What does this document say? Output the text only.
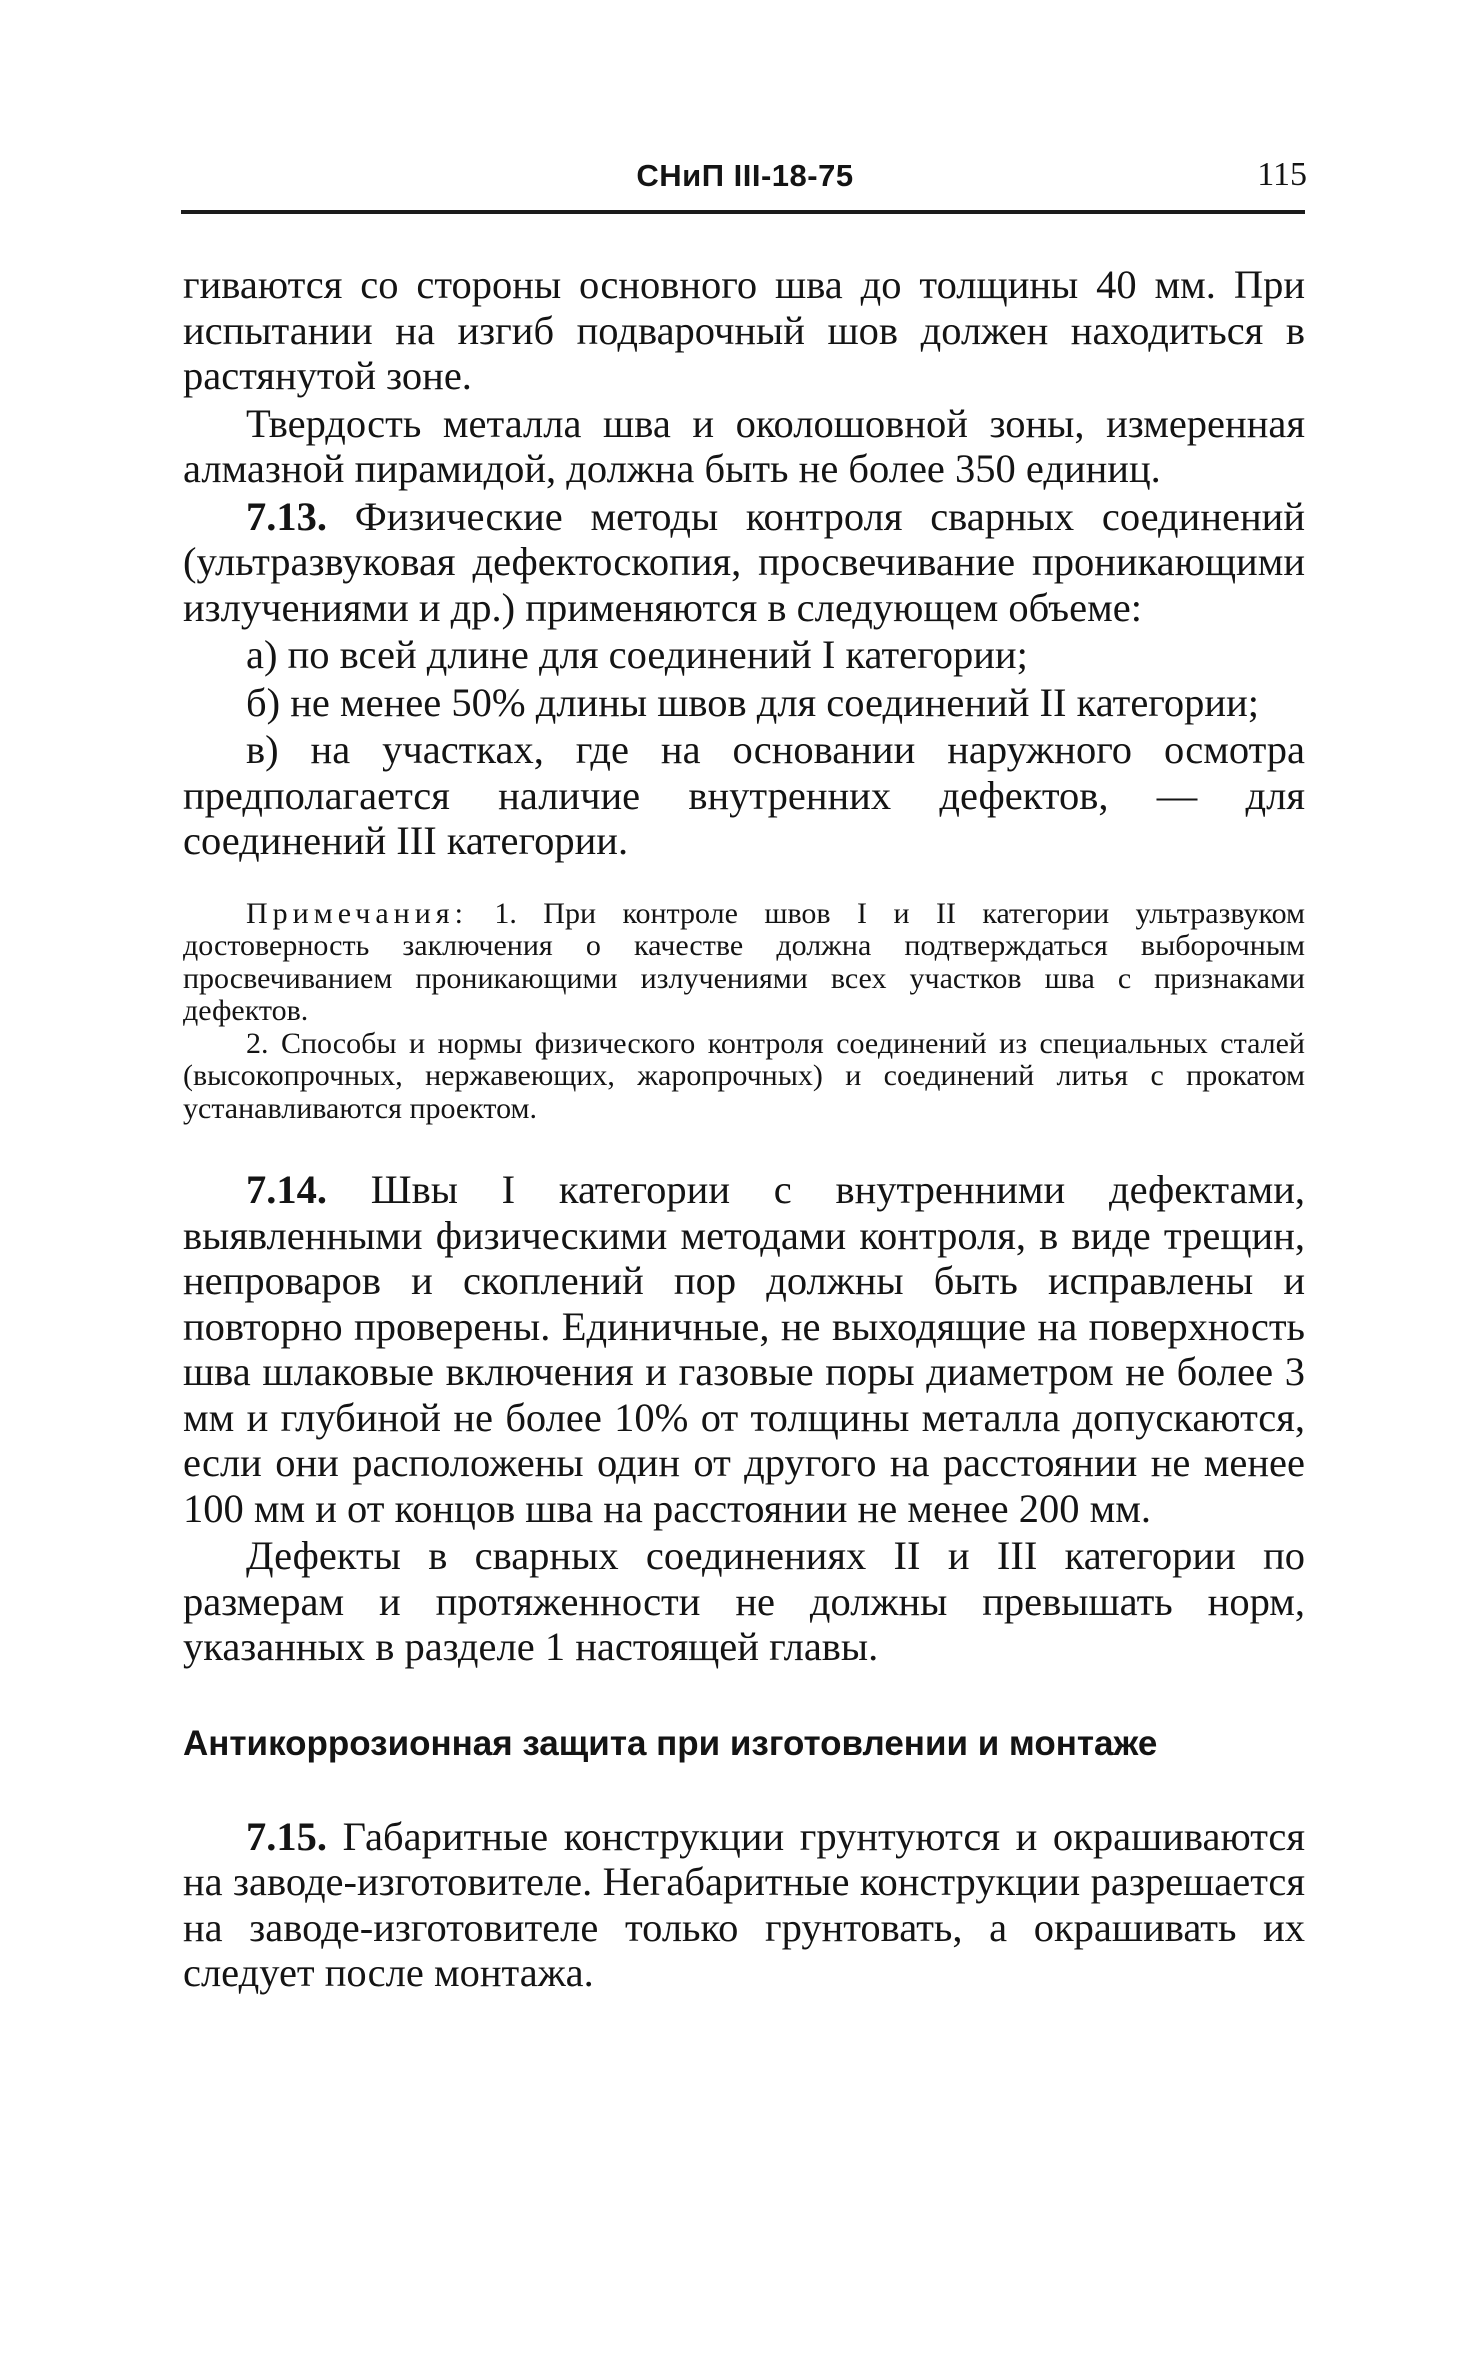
СНиП III-18-75	115

гиваются со стороны основного шва до толщины 40 мм. При испытании на изгиб подварочный шов должен находиться в растянутой зоне.

Твердость металла шва и околошовной зоны, измеренная алмазной пирамидой, должна быть не более 350 единиц.

7.13. Физические методы контроля сварных соединений (ультразвуковая дефектоскопия, просвечивание проникающими излучениями и др.) применяются в следующем объеме:

а) по всей длине для соединений I категории;

б) не менее 50% длины швов для соединений II категории;

в) на участках, где на основании наружного осмотра предполагается наличие внутренних дефектов, — для соединений III категории.

Примечания: 1. При контроле швов I и II категории ультразвуком достоверность заключения о качестве должна подтверждаться выборочным просвечиванием проникающими излучениями всех участков шва с признаками дефектов.

2. Способы и нормы физического контроля соединений из специальных сталей (высокопрочных, нержавеющих, жаропрочных) и соединений литья с прокатом устанавливаются проектом.

7.14. Швы I категории с внутренними дефектами, выявленными физическими методами контроля, в виде трещин, непроваров и скоплений пор должны быть исправлены и повторно проверены. Единичные, не выходящие на поверхность шва шлаковые включения и газовые поры диаметром не более 3 мм и глубиной не более 10% от толщины металла допускаются, если они расположены один от другого на расстоянии не менее 100 мм и от концов шва на расстоянии не менее 200 мм.

Дефекты в сварных соединениях II и III категории по размерам и протяженности не должны превышать норм, указанных в разделе 1 настоящей главы.

Антикоррозионная защита при изготовлении и монтаже

7.15. Габаритные конструкции грунтуются и окрашиваются на заводе-изготовителе. Негабаритные конструкции разрешается на заводе-изготовителе только грунтовать, а окрашивать их следует после монтажа.
